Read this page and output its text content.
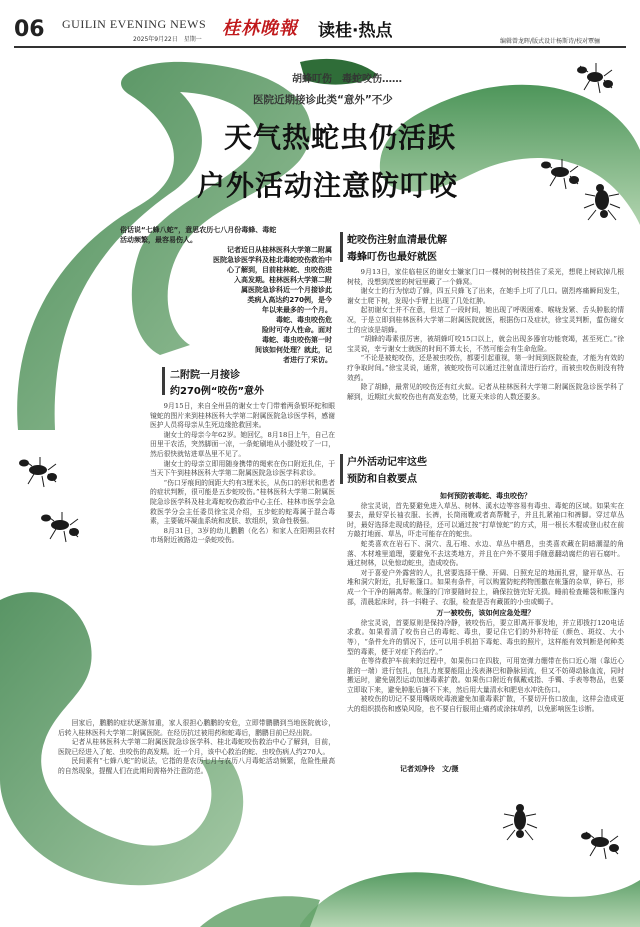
06 GUILIN EVENING NEWS
2025年9月22日　 星期一
桂林晚報 读桂·热点
编辑曾龙晖/版式设计杨斯诗/校对覃骊
胡蜂叮伤　毒蛇咬伤……
医院近期接诊此类“意外”不少
天气热蛇虫仍活跃
户外活动注意防叮咬
俗话说“七蜂八蛇”，意思农历七八月份毒蜂、毒蛇
活动频繁，最容易伤人。
记者近日从桂林医科大学第二附属
医院急诊医学科及桂北毒蛇咬伤救治中
心了解到，目前桂林蛇、虫咬伤进
入高发期。桂林医科大学第二附
属医院急诊科近一个月接诊此
类病人高达约270例，是今
年以来最多的一个月。
毒蛇、毒虫咬伤危
险时可夺人性命。面对
毒蛇、毒虫咬伤第一时
间该如何处理？就此，记
者进行了采访。
二附院一月接诊
约270例“咬伤”意外

9月15日，来自全州县的谢女士专门带着两条银环蛇和眼镜蛇的图片来到桂林医科大学第二附属医院急诊医学科，感谢医护人员将母亲从生死边缘抢救回来。

谢女士的母亲今年62岁。她回忆，8月18日上午，自己在田里干农活，突然脚面一凉，一条蛇刷地从小腿处咬了一口，然后很快就钻进草丛里不见了。

谢女士的母亲立即用随身携带的绳索在伤口附近扎住，于当天下午到桂林医科大学第二附属医院急诊医学科求诊。

“伤口牙痕间的间距大约有3厘米长，从伤口的形状和患者的症状判断，很可能是五步蛇咬伤。”桂林医科大学第二附属医院急诊医学科及桂北毒蛇咬伤救治中心主任、桂林市医学会急救医学分会主任委员徐宝灵介绍，五步蛇的蛇毒属于混合毒素，主要破坏凝血系统和皮肤、软组织，致命性极强。

8月31日，3岁的幼儿鹏鹏（化名）和家人在阳朔县农村市场附近被路边一条蛇咬伤。

回家后，鹏鹏的症状逐渐加重，家人很担心鹏鹏的安危，立即带鹏鹏到当地医院就诊，后转入桂林医科大学第二附属医院。在经历抗过被用药和蛇毒后，鹏鹏目前已经出院。

记者从桂林医科大学第二附属医院急诊医学科、桂北毒蛇咬伤救治中心了解到，目前，医院已经进入了蛇、虫咬伤的高发期。近一个月，该中心救治的蛇、虫咬伤病人约270人。

民间素有“七蜂八蛇”的说法，它指的是农历七月与农历八月毒蛇活动频繁，危险性最高的自然现象，提醒人们在此期间需格外注意防范。

蛇咬伤注射血清最优解
毒蜂叮伤也最好就医

9月13日，家住临桂区的谢女士嫌家门口一棵树的树枝挡住了采光，想爬上树砍掉几根树枝，没想到茂密的树冠里藏了一个蜂窝。

谢女士的行为惊动了蜂，四五只蜂飞了出来，在她手上叮了几口。剧烈疼痛瞬间发生，谢女士爬下树，发现小手臂上出现了几处红肿。

起初谢女士并不在意，但过了一段时间，她出现了呼吸困难、喉咙发紧、舌头肿胀的情况，于是立即到桂林医科大学第二附属医院就医，根据伤口及症状，徐宝灵判断，蜇伤谢女士的应该是胡蜂。

“胡蜂的毒素很厉害，被胡蜂叮咬15口以上，就会出现多器官功能衰竭，甚至死亡。”徐宝灵说，幸亏谢女士就医的时间不算太长，不然可能会有生命危险。

“不论是被蛇咬伤，还是被虫咬伤，都要引起重视，第一时间到医院检查，才能为有效的疗争取时间。”徐宝灵说，通常，被蛇咬伤可以通过注射血清进行治疗，而被虫咬伤则没有特效药。

除了胡蜂，最常见的咬伤还有红火蚁。记者从桂林医科大学第二附属医院急诊医学科了解到，近期红火蚁咬伤也有高发态势，比夏天来诊的人数还要多。

户外活动记牢这些
预防和自救要点
如何预防被毒蛇、毒虫咬伤？

徐宝灵说，首先要避免进入草丛、树林、溪水边等容易有毒虫、毒蛇的区域。如果实在要去，最好穿长袖衣服、长裤，长筒雨靴或者高帮靴子，并且扎紧袖口和裤脚。穿过草丛时，最好选择走现成的路径，还可以通过按“打草惊蛇”的方式，用一根长木棍或登山杖在前方敲打地面、草丛，吓走可能存在的蛇虫。

蛇类喜欢在岩石下、洞穴、乱石堆、水边、草丛中栖息，虫类喜欢藏在阴暗潮湿的角落、木材堆里道理，要避免不去这类地方，并且在户外不要用手随意翻动腐烂的岩石腐叶。通过树林，以免惊动蛇虫，造成咬伤。

对于喜爱户外露营的人，扎营要选择干燥、开阔、日照充足的地面扎营，避开草丛、石堆和洞穴附近，扎好帐篷口。如果有条件，可以购置防蛇药物围撒在帐篷的杂草，碎石，形成一个干净的隔离带。帐篷的门帘要随时拉上，确保拉链完好无损。睡前检查睡袋和帐篷内部，清晨起床时，抖一抖鞋子、衣服，检查是否有藏匿的小虫或蝎子。

万一被咬伤，该如何应急处理？

徐宝灵说，首要原则是保持冷静，被咬伤后，要立即离开事发地，并立即拨打120电话求救。如果看清了咬伤自己的毒蛇、毒虫，要记住它们的外形特征（颜色、斑纹、大小等），“条件允许的情况下，还可以用手机拍下毒蛇、毒虫的照片，这样能有效判断是何种类型的毒素，便于对症下药治疗。”

在等待救护车前来的过程中，如果伤口在四肢，可用宽弹力绷带在伤口近心端（靠近心脏的一端）进行包扎，包扎力度要能阻止浅表淋巴和静脉回流，但又不妨碍动脉血流，同时搬运时，避免剧烈运动加速毒素扩散。如果伤口附近有佩戴戒指、手镯、手表等物品，也要立即取下来，避免肿胀后摘不下来，然后用大量清水和肥皂水冲洗伤口。

被咬伤的切记不要用嘴吸吮毒液避免加重毒素扩散，不要切开伤口放血，这样会造成更大的组织损伤和感染风险，也不要自行服用止痛药或涂抹草药，以免影响医生诊断。

记者刘净伶　文/摄
